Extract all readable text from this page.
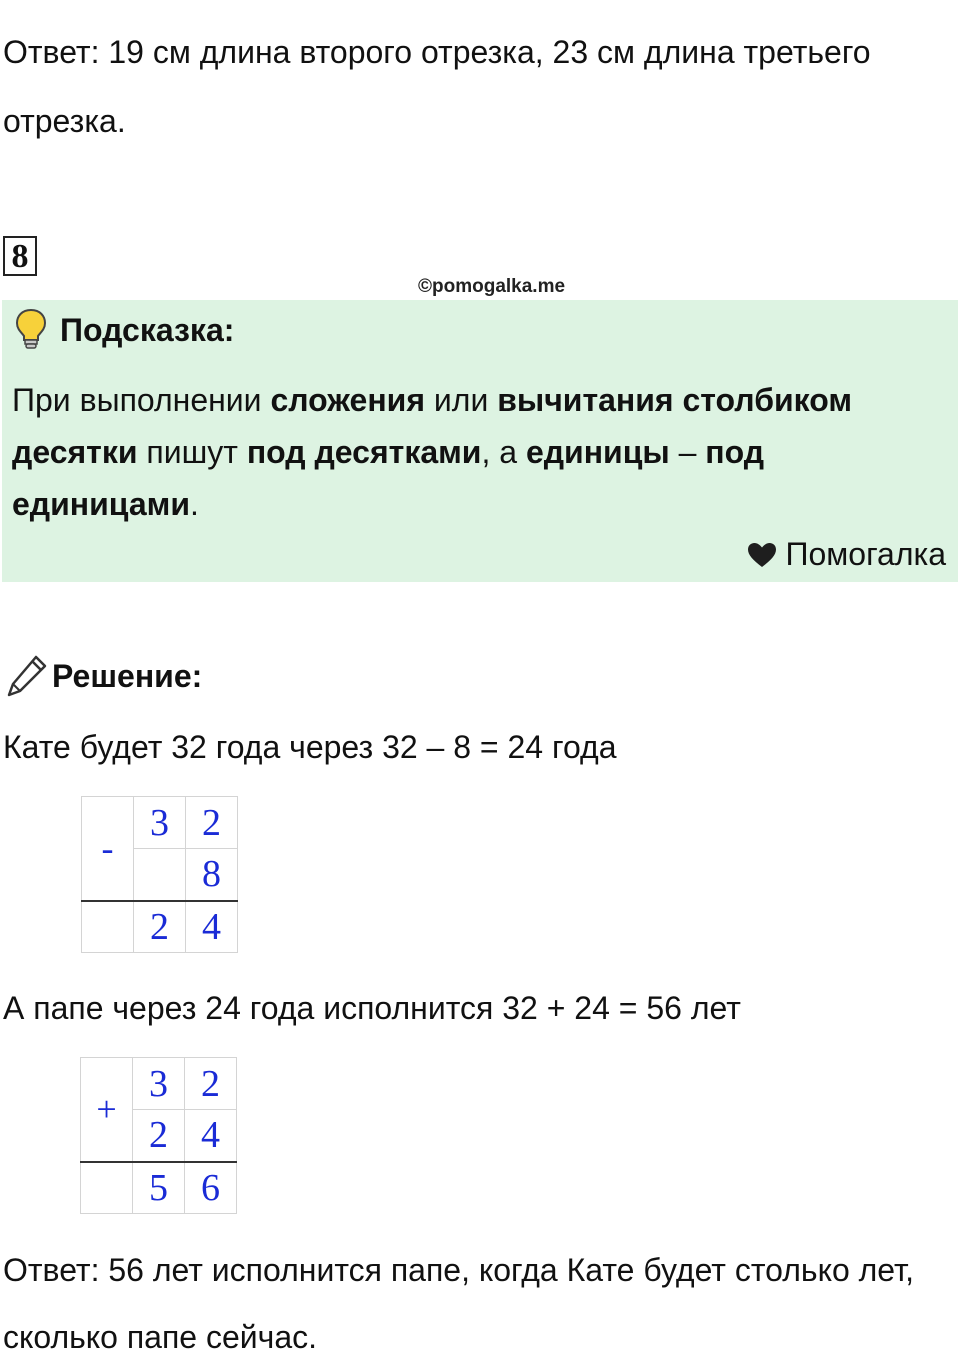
Ответ: 19 см длина второго отрезка, 23 см длина третьего
отрезка.
8
©pomogalka.me
Подсказка:
При выполнении сложения или вычитания столбиком десятки пишут под десятками, а единицы – под единицами.
Помогалка
Решение:
Кате будет 32 года через 32 – 8 = 24 года
-	3	2
		8
	2	4
А папе через 24 года исполнится 32 + 24 = 56 лет
+	3	2
	2	4
	5	6
Ответ: 56 лет исполнится папе, когда Кате будет столько лет,
сколько папе сейчас.
